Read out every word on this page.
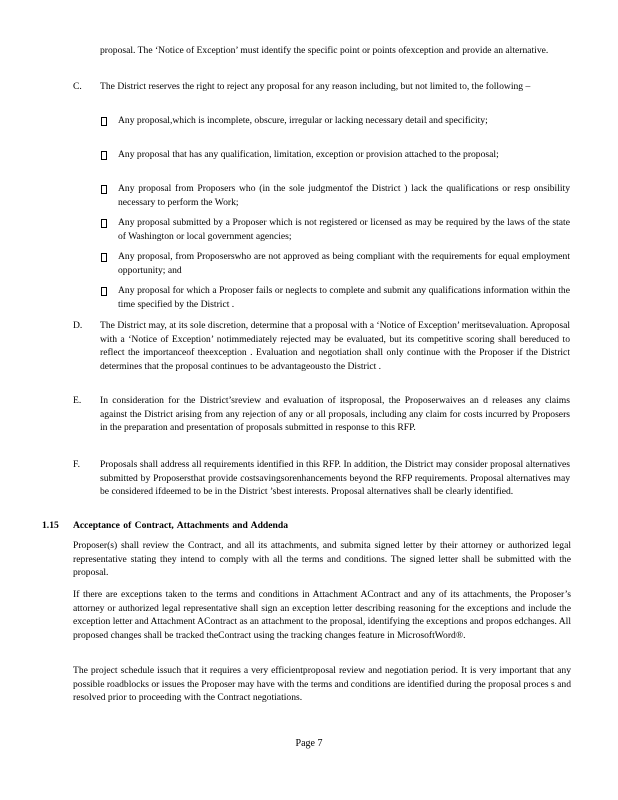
proposal. The ‘Notice of Exception’ must identify the specific point or points ofexception and provide an alternative.
C. The District reserves the right to reject any proposal for any reason including, but not limited to, the following –
Any proposal,which is incomplete, obscure, irregular or lacking necessary detail and specificity;
Any proposal that has any qualification, limitation, exception or provision attached to the proposal;
Any proposal from Proposers who (in the sole judgmentof the District ) lack the qualifications or resp onsibility necessary to perform the Work;
Any proposal submitted by a Proposer which is not registered or licensed as may be required by the laws of the state of Washington or local government agencies;
Any proposal, from Proposerswho are not approved as being compliant with the requirements for equal employment opportunity; and
Any proposal for which a Proposer fails or neglects to complete and submit any qualifications information within the time specified by the District .
D. The District may, at its sole discretion, determine that a proposal with a ‘Notice of Exception’ meritsevaluation. Aproposal with a ‘Notice of Exception’ notimmediately rejected may be evaluated, but its competitive scoring shall bereduced to reflect the importanceof theexception . Evaluation and negotiation shall only continue with the Proposer if the District determines that the proposal continues to be advantageousto the District .
E. In consideration for the District’sreview and evaluation of itsproposal, the Proposerwaives an d releases any claims against the District arising from any rejection of any or all proposals, including any claim for costs incurred by Proposers in the preparation and presentation of proposals submitted in response to this RFP.
F. Proposals shall address all requirements identified in this RFP. In addition, the District may consider proposal alternatives submitted by Proposersthat provide costsavingsorenhancements beyond the RFP requirements. Proposal alternatives may be considered ifdeemed to be in the District ’sbest interests. Proposal alternatives shall be clearly identified.
1.15 Acceptance of Contract, Attachments and Addenda
Proposer(s) shall review the Contract, and all its attachments, and submita signed letter by their attorney or authorized legal representative stating they intend to comply with all the terms and conditions. The signed letter shall be submitted with the proposal.
If there are exceptions taken to the terms and conditions in Attachment AContract and any of its attachments, the Proposer’s attorney or authorized legal representative shall sign an exception letter describing reasoning for the exceptions and include the exception letter and Attachment AContract as an attachment to the proposal, identifying the exceptions and propos edchanges. All proposed changes shall be tracked theContract using the tracking changes feature in MicrosoftWord®.
The project schedule issuch that it requires a very efficientproposal review and negotiation period. It is very important that any possible roadblocks or issues the Proposer may have with the terms and conditions are identified during the proposal proces s and resolved prior to proceeding with the Contract negotiations.
Page 7
